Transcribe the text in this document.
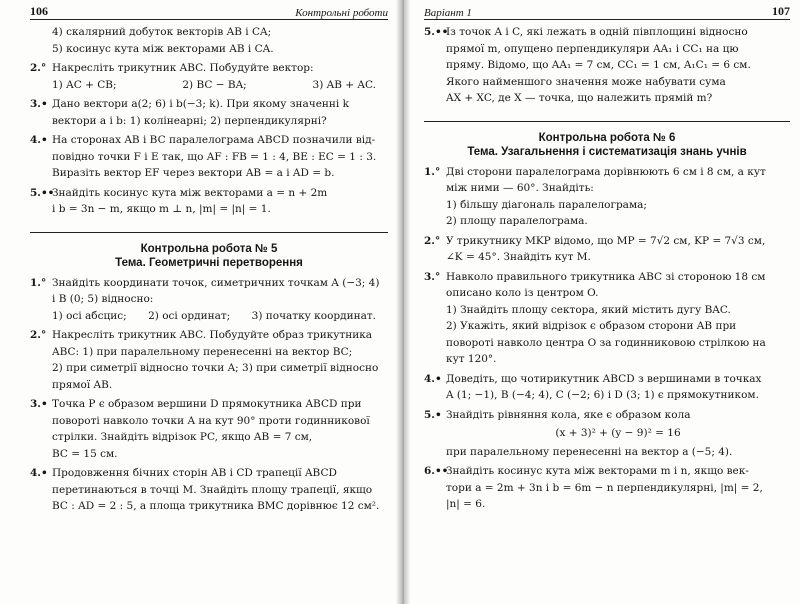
106	Контрольні роботи
4) скалярний добуток векторів AB і CA;
5) косинус кута між векторами AB і CA.
2.° Накресліть трикутник ABC. Побудуйте вектор:
1) AC + CB;	2) BC − BA;	3) AB + AC.
3.• Дано вектори a(2; 6) і b(−3; k). При якому значенні k
вектори a і b: 1) колінеарні; 2) перпендикулярні?
4.• На сторонах AB і BC паралелограма ABCD позначили від-
повідно точки F і E так, що AF : FB = 1 : 4, BE : EC = 1 : 3.
Виразіть вектор EF через вектори AB = a і AD = b.
5.••
Знайдіть косинус кута між векторами a = n + 2m
і b = 3n − m, якщо m ⊥ n, |m| = |n| = 1.
Контрольна робота № 5
Тема. Геометричні перетворення
1.° Знайдіть координати точок, симетричних точкам A (−3; 4)
і B (0; 5) відносно:
1) осі абсцис; 2) осі ординат; 3) початку координат.
2.° Накресліть трикутник ABC. Побудуйте образ трикутника
ABC: 1) при паралельному перенесенні на вектор BC;
2) при симетрії відносно точки A; 3) при симетрії відносно
прямої AB.
3.• Точка P є образом вершини D прямокутника ABCD при
повороті навколо точки A на кут 90° проти годинникової
стрілки. Знайдіть відрізок PC, якщо AB = 7 см,
BC = 15 см.
4.• Продовження бічних сторін AB і CD трапеції ABCD
перетинаються в точці M. Знайдіть площу трапеції, якщо
BC : AD = 2 : 5, а площа трикутника BMC дорівнює 12 см².
Варіант 1	107
5.••
Із точок A і C, які лежать в одній півплощині відносно
прямої m, опущено перпендикуляри AA₁ і CC₁ на цю
пряму. Відомо, що AA₁ = 7 см, CC₁ = 1 см, A₁C₁ = 6 см.
Якого найменшого значення може набувати сума
AX + XC, де X — точка, що належить прямій m?
Контрольна робота № 6
Тема. Узагальнення і систематизація знань учнів
1.° Дві сторони паралелограма дорівнюють 6 см і 8 см, а кут
між ними — 60°. Знайдіть:
1) більшу діагональ паралелограма;
2) площу паралелограма.
2.° У трикутнику MKP відомо, що MP = 7√2 см, KP = 7√3 см,
∠K = 45°. Знайдіть кут M.
3.° Навколо правильного трикутника ABC зі стороною 18 см
описано коло із центром O.
1) Знайдіть площу сектора, який містить дугу BAC.
2) Укажіть, який відрізок є образом сторони AB при
повороті навколо центра O за годинниковою стрілкою на
кут 120°.
4.• Доведіть, що чотирикутник ABCD з вершинами в точках
A (1; −1), B (−4; 4), C (−2; 6) і D (3; 1) є прямокутником.
5.• Знайдіть рівняння кола, яке є образом кола
(x + 3)² + (y − 9)² = 16
при паралельному перенесенні на вектор a (−5; 4).
6.••
Знайдіть косинус кута між векторами m і n, якщо век-
тори a = 2m + 3n і b = 6m − n перпендикулярні, |m| = 2,
|n| = 6.
